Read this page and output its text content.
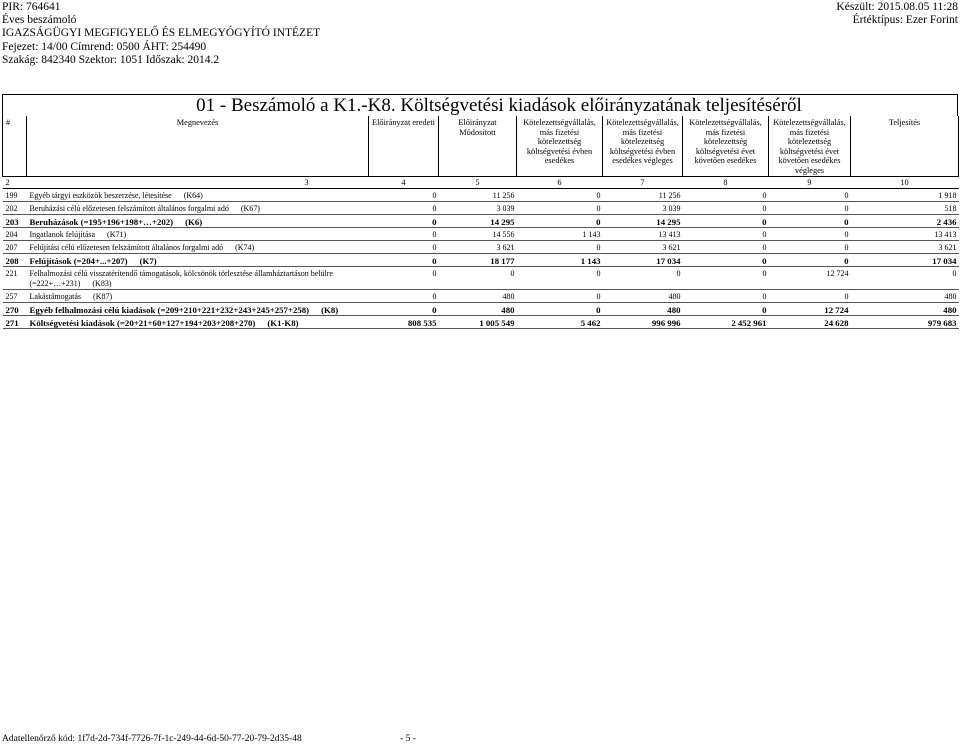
PIR: 764641
Éves beszámoló
IGAZSÁGÜGYI MEGFIGYELŐ ÉS ELMEGYÓGYÍTÓ INTÉZET
Fejezet: 14/00 Címrend: 0500 ÁHT: 254490
Szakág: 842340 Szektor: 1051 Időszak: 2014.2
Készült: 2015.08.05 11:28
Értéktípus: Ezer Forint
01 - Beszámoló a K1.-K8. Költségvetési kiadások előirányzatának teljesítéséről
#	Megnevezés	Előirányzat eredeti	Előirányzat Módosított	Kötelezettségvállalás, más fizetési kötelezettség költségvetési évben esedékes	Kötelezettségvállalás, más fizetési kötelezettség költségvetési évben esedékes végleges	Kötelezettségvállalás, más fizetési kötelezettség költségvetési évet követően esedékes	Kötelezettségvállalás, más fizetési kötelezettség költségvetési évet követően esedékes végleges	Teljesítés
2	3	4	5	6	7	8	9	10
199	Egyéb tárgyi eszközök beszerzése, létesítése (K64)	0	11 256	0	11 256	0	0	1 918
202	Beruházási célú előzetesen felszámított általános forgalmi adó (K67)	0	3 039	0	3 039	0	0	518
203	Beruházások (=195+196+198+…+202) (K6)	0	14 295	0	14 295	0	0	2 436
204	Ingatlanok felújítása (K71)	0	14 556	1 143	13 413	0	0	13 413
207	Felújítási célú előzetesen felszámított általános forgalmi adó (K74)	0	3 621	0	3 621	0	0	3 621
208	Felújítások (=204+...+207) (K7)	0	18 177	1 143	17 034	0	0	17 034
221	Felhalmozási célú visszatérítendő támogatások, kölcsönök törlesztése államháztartáson belülre (=222+…+231) (K83)	0	0	0	0	0	12 724	0
257	Lakástámogatás (K87)	0	480	0	480	0	0	480
270	Egyéb felhalmozási célú kiadások (=209+210+221+232+243+245+257+258) (K8)	0	480	0	480	0	12 724	480
271	Költségvetési kiadások (=20+21+60+127+194+203+208+270) (K1-K8)	808 535	1 005 549	5 462	996 996	2 452 961	24 628	979 683
Adatellenőrző kód: 1f7d-2d-734f-7726-7f-1c-249-44-6d-50-77-20-79-2d35-48	- 5 -
